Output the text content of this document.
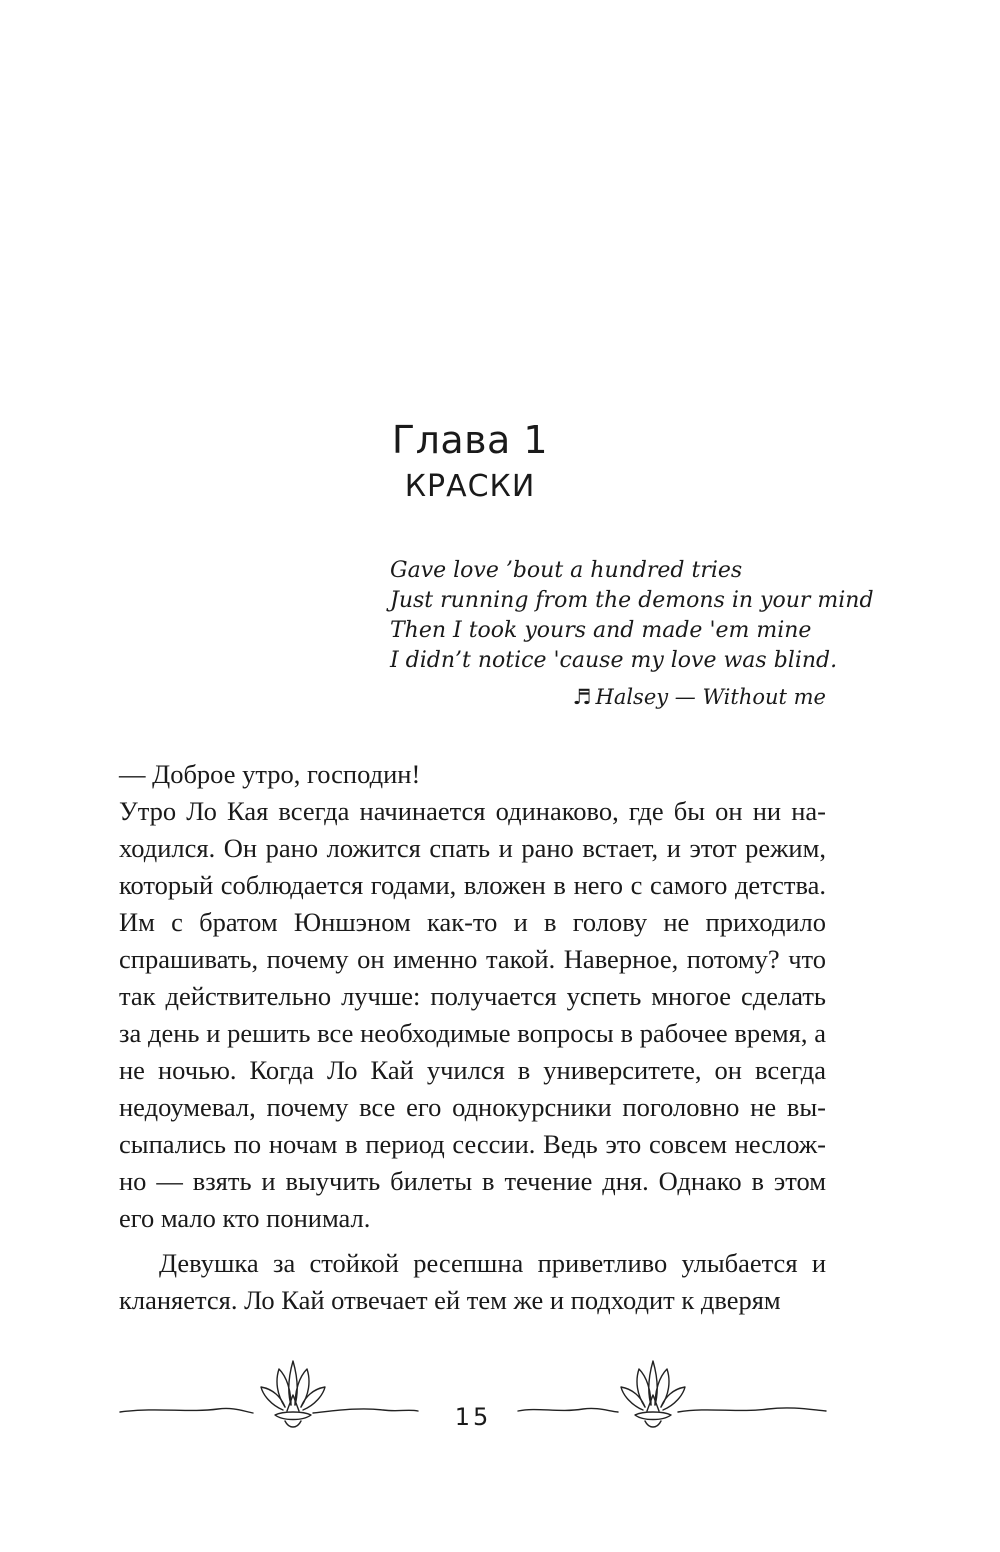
Глава 1
КРАСКИ
Gave love ’bout a hundred tries
Just running from the demons in your mind
Then I took yours and made 'em mine
I didn’t notice 'cause my love was blind.
♬ Halsey — Without me

— Доброе утро, господин!

Утро Ло Кая всегда начинается одинаково, где бы он ни находился. Он рано ложится спать и рано встает, и этот режим, который соблюдается годами, вложен в него с самого детства. Им с братом Юншэном как-то и в голову не приходило спрашивать, почему он именно такой. Наверное, потому? что так действительно лучше: получается успеть многое сделать за день и решить все необходимые вопросы в рабочее время, а не ночью. Когда Ло Кай учился в университете, он всегда недоумевал, почему все его однокурсники поголовно не высыпались по ночам в период сессии. Ведь это совсем несложно — взять и выучить билеты в течение дня. Однако в этом его мало кто понимал.

Девушка за стойкой ресепшна приветливо улыбается и кланяется. Ло Кай отвечает ей тем же и подходит к дверям

15
